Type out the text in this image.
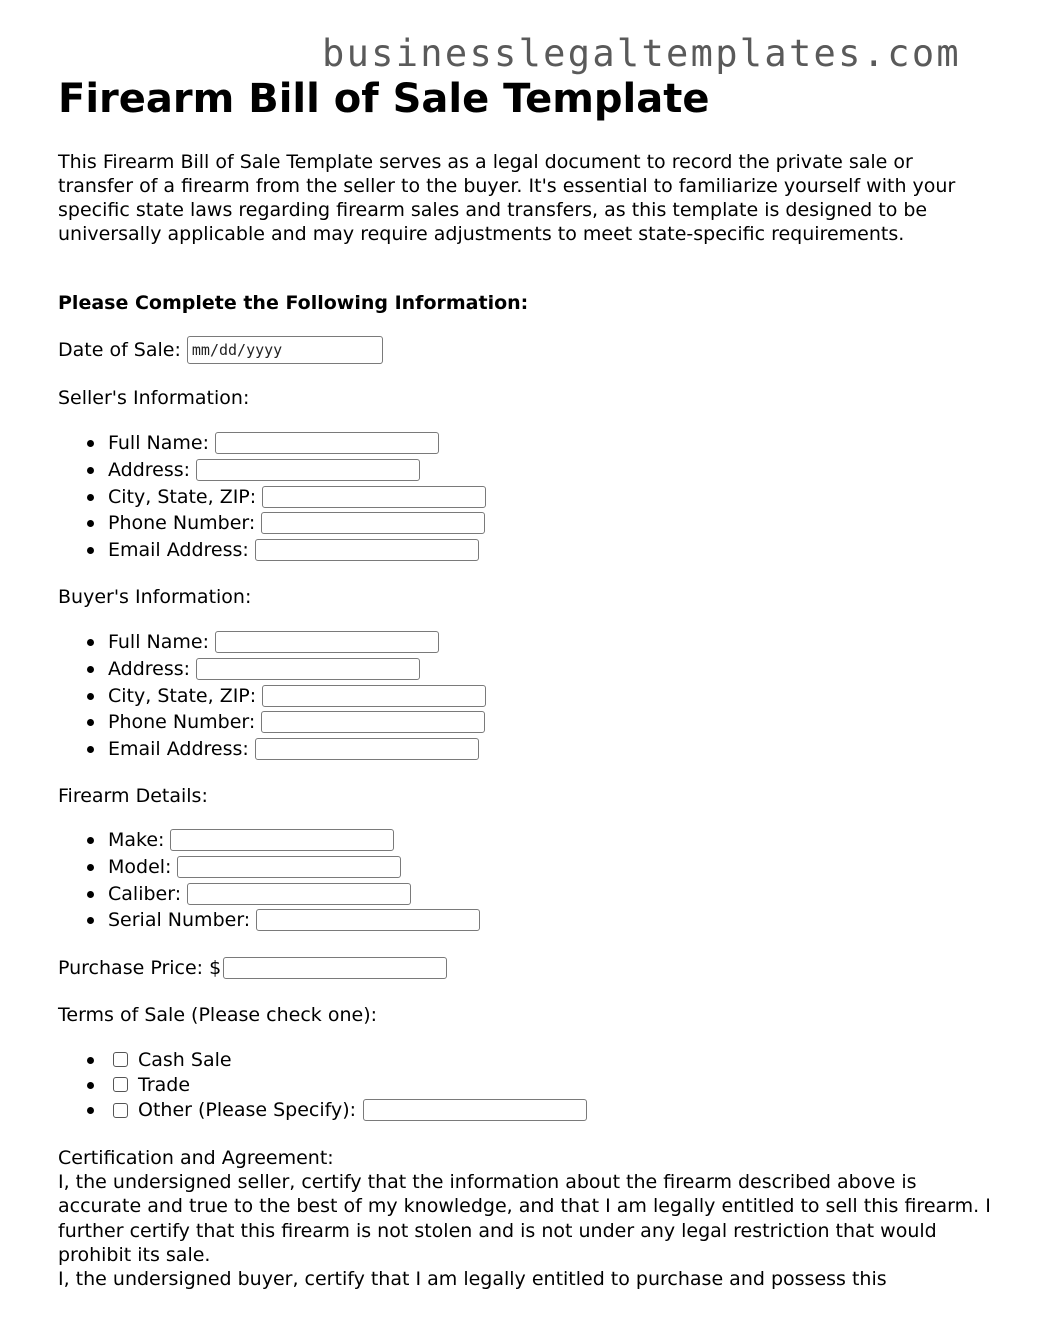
businesslegaltemplates.com
Firearm Bill of Sale Template

This Firearm Bill of Sale Template serves as a legal document to record the private sale or transfer of a firearm from the seller to the buyer. It's essential to familiarize yourself with your specific state laws regarding firearm sales and transfers, as this template is designed to be universally applicable and may require adjustments to meet state-specific requirements.

Please Complete the Following Information:

Date of Sale: mm/dd/yyyy
Seller's Information:
Full Name:
Address:
City, State, ZIP:
Phone Number:
Email Address:
Buyer's Information:
Full Name:
Address:
City, State, ZIP:
Phone Number:
Email Address:
Firearm Details:
Make:
Model:
Caliber:
Serial Number:
Purchase Price: $
Terms of Sale (Please check one):
Cash Sale
Trade
Other (Please Specify):
Certification and Agreement:
I, the undersigned seller, certify that the information about the firearm described above is accurate and true to the best of my knowledge, and that I am legally entitled to sell this firearm. I further certify that this firearm is not stolen and is not under any legal restriction that would prohibit its sale.
I, the undersigned buyer, certify that I am legally entitled to purchase and possess this
